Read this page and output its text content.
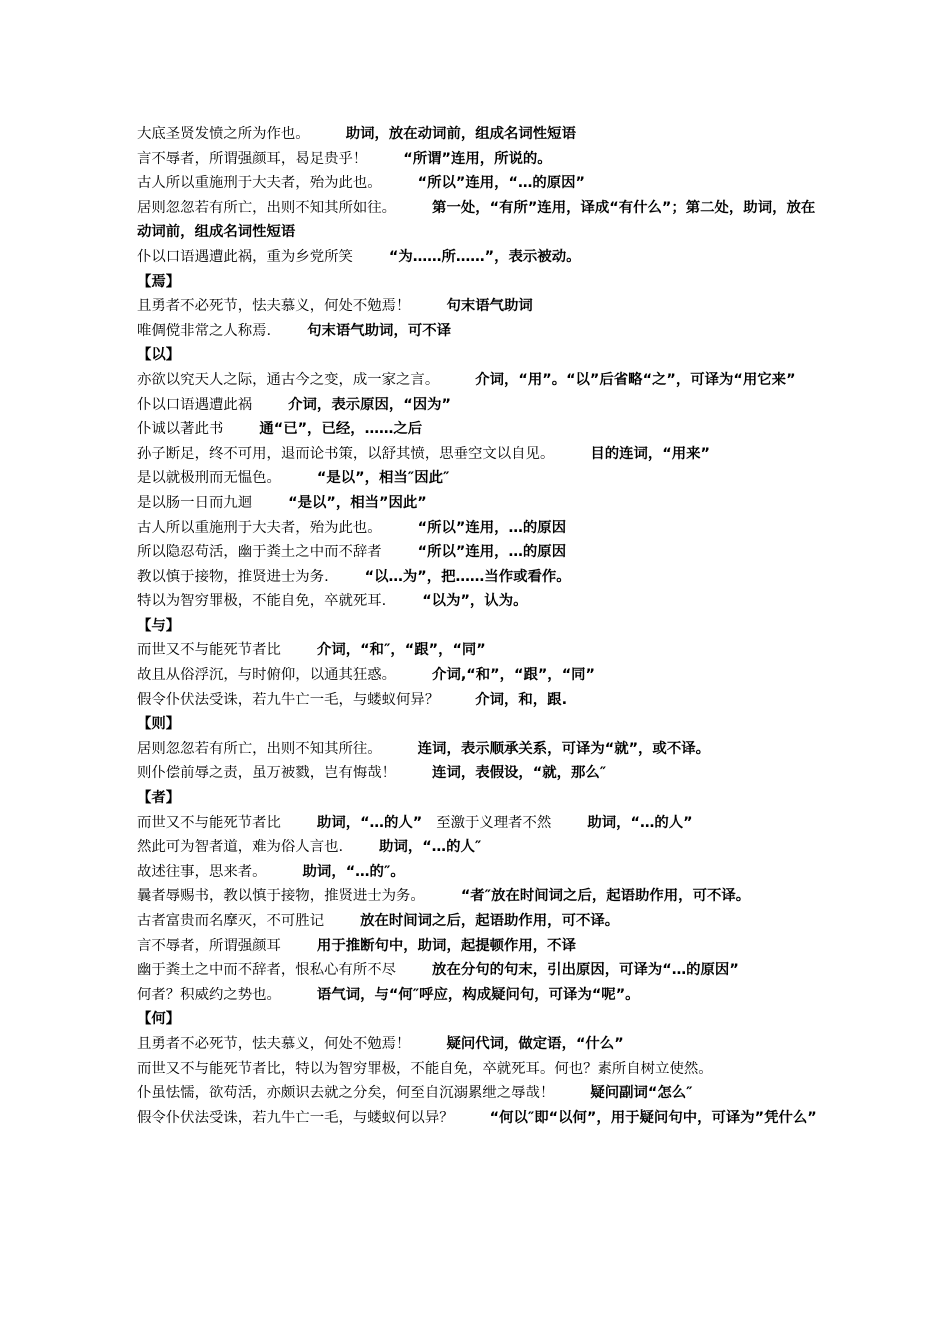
大底圣贤发愤之所为作也。	助词，放在动词前，组成名词性短语
言不辱者，所谓强颜耳，曷足贵乎！	“所谓”连用，所说的。
古人所以重施刑于大夫者，殆为此也。	“所以”连用，“…的原因”
居则忽忽若有所亡，出则不知其所如往。	第一处，“有所”连用，译成“有什么”；第二处，助词，放在动词前，组成名词性短语
仆以口语遇遭此祸，重为乡党所笑	“为……所……”，表示被动。
【焉】
且勇者不必死节，怯夫慕义，何处不勉焉！	句末语气助词
唯倜傥非常之人称焉.	句末语气助词，可不译
【以】
亦欲以究天人之际，通古今之变，成一家之言。	介词，“用”。“以”后省略“之”，可译为“用它来”
仆以口语遇遭此祸	介词，表示原因，“因为”
仆诚以著此书	通“已”，已经，……之后
孙子断足，终不可用，退而论书策，以舒其愤，思垂空文以自见。	目的连词，“用来”
是以就极刑而无愠色。	“是以”，相当″因此″
是以肠一日而九迴	“是以”，相当”因此”
古人所以重施刑于大夫者，殆为此也。	“所以”连用，…的原因
所以隐忍苟活，幽于粪土之中而不辞者	“所以”连用，…的原因
教以慎于接物，推贤进士为务.	“以…为”，把……当作或看作。
特以为智穷罪极，不能自免，卒就死耳.	“以为”，认为。
【与】
而世又不与能死节者比	介词，“和″，“跟”，“同”
故且从俗浮沉，与时俯仰，以通其狂惑。	介词,“和”，“跟”，“同”
假令仆伏法受诛，若九牛亡一毛，与蝼蚁何异？	介词，和，跟.
【则】
居则忽忽若有所亡，出则不知其所往。	连词，表示顺承关系，可译为“就”，或不译。
则仆偿前辱之责，虽万被戮，岂有悔哉！	连词，表假设，“就，那么″
【者】
而世又不与能死节者比	助词，“…的人” 至激于义理者不然	助词，“…的人”
然此可为智者道，难为俗人言也.	助词，“…的人″
故述往事，思来者。	助词，“…的″。
曩者辱赐书，教以慎于接物，推贤进士为务。	“者″放在时间词之后，起语助作用，可不译。
古者富贵而名摩灭，不可胜记	放在时间词之后，起语助作用，可不译。
言不辱者，所谓强颜耳	用于推断句中，助词，起提顿作用，不译
幽于粪土之中而不辞者，恨私心有所不尽	放在分句的句末，引出原因，可译为“…的原因”
何者？积威约之势也。	语气词，与“何″呼应，构成疑问句，可译为“呢”。
【何】
且勇者不必死节，怯夫慕义，何处不勉焉！	疑问代词，做定语，“什么”
而世又不与能死节者比，特以为智穷罪极，不能自免，卒就死耳。何也？素所自树立使然。
仆虽怯懦，欲苟活，亦颇识去就之分矣，何至自沉溺累绁之辱哉！	疑问副词“怎么″
假令仆伏法受诛，若九牛亡一毛，与蝼蚁何以异？	“何以″即“以何”，用于疑问句中，可译为”凭什么”
